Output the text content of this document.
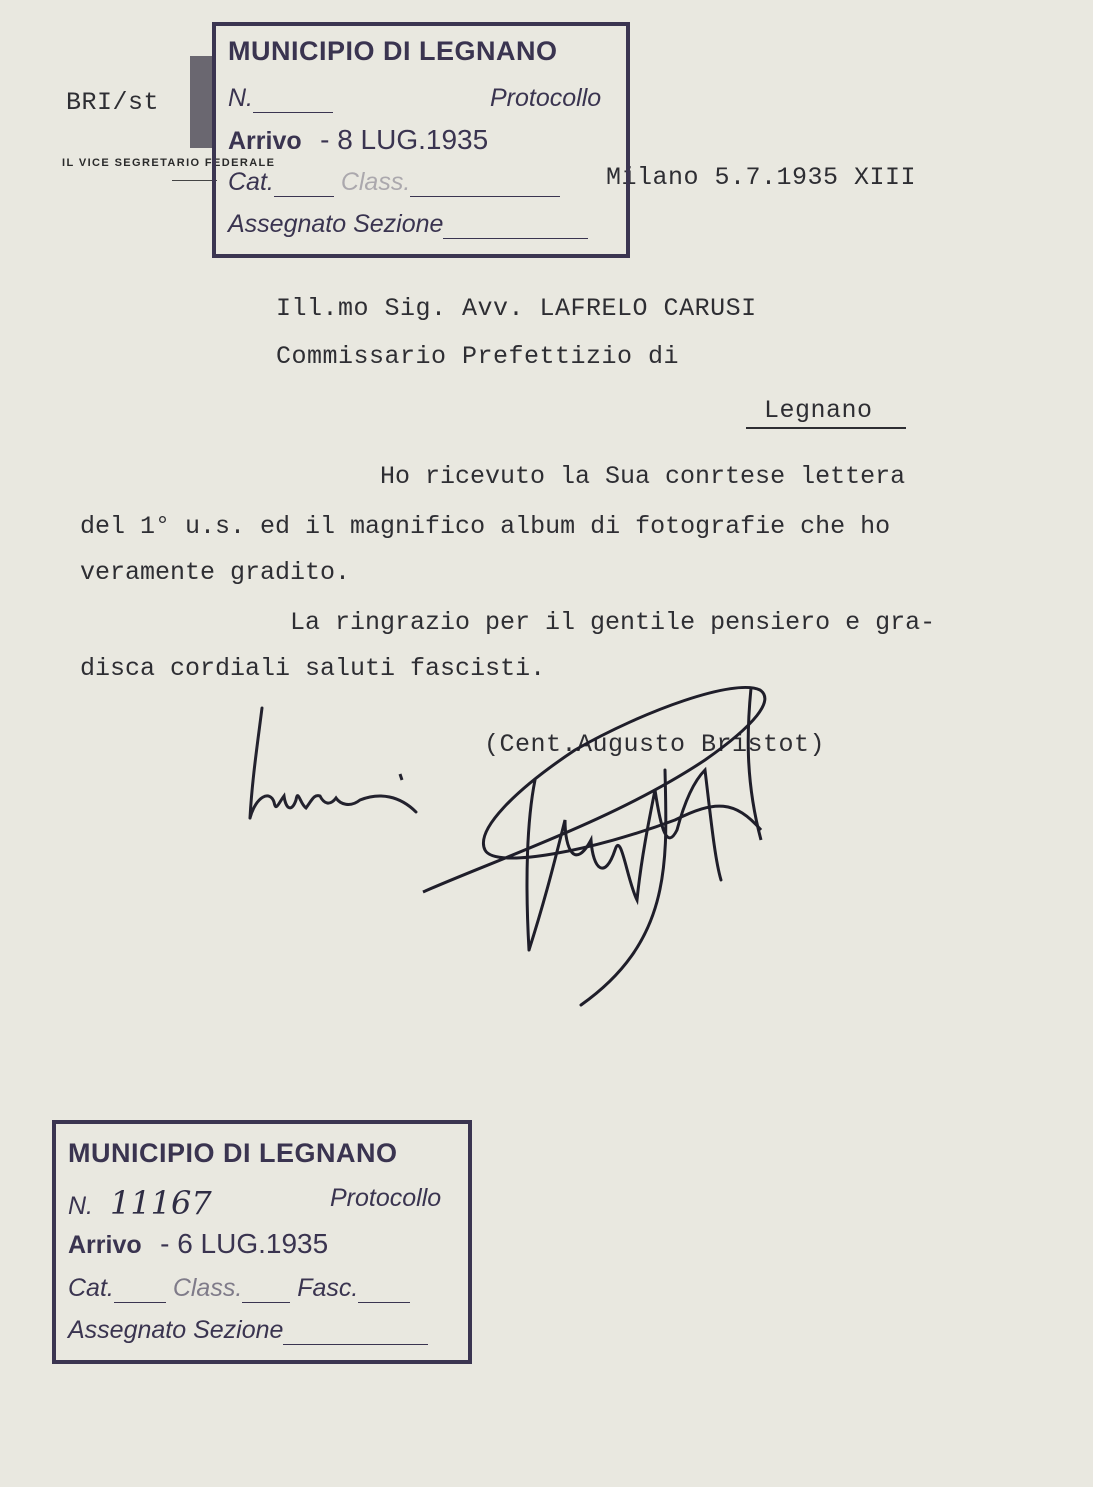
BRI/st
IL VICE SEGRETARIO FEDERALE	Milano 5.7.1935 XIII
MUNICIPIO DI LEGNANO
N.	Protocollo
Arrivo - 8 LUG.1935
Cat.	Class.
Assegnato Sezione
Ill.mo Sig. Avv. LAFRELO CARUSI
Commissario Prefettizio di
Legnano
Ho ricevuto la Sua conrtese lettera
del 1° u.s. ed il magnifico album di fotografie che ho
veramente gradito.
La ringrazio per il gentile pensiero e gra-
disca cordiali saluti fascisti.
(Cent.Augusto Bristot)
MUNICIPIO DI LEGNANO
N. 11167	Protocollo
Arrivo - 6 LUG.1935
Cat. Class. Fasc.
Assegnato Sezione
